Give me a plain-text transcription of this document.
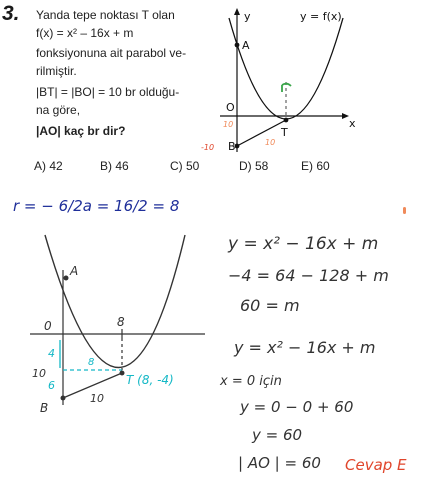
3. Yanda tepe noktası T olan
f(x) = x² – 16x + m
fonksiyonuna ait parabol ve-
rilmiştir.
|BT| = |BO| = 10 br olduğu-
na göre,
|AO| kaç br dir?
A) 42	B) 46	C) 50	D) 58	E) 60
y	y = f(x)
x
A
O
T
B
10
10
-10
r = − 6/2a = 16/2 = 8
A
0	8
4
6
8
10
10
B
T (8, -4)
y = x² − 16x + m
−4 = 64 − 128 + m
60 = m
y = x² − 16x + m
x = 0 için
y = 0 − 0 + 60
y = 60
| AO | = 60 Cevap E
